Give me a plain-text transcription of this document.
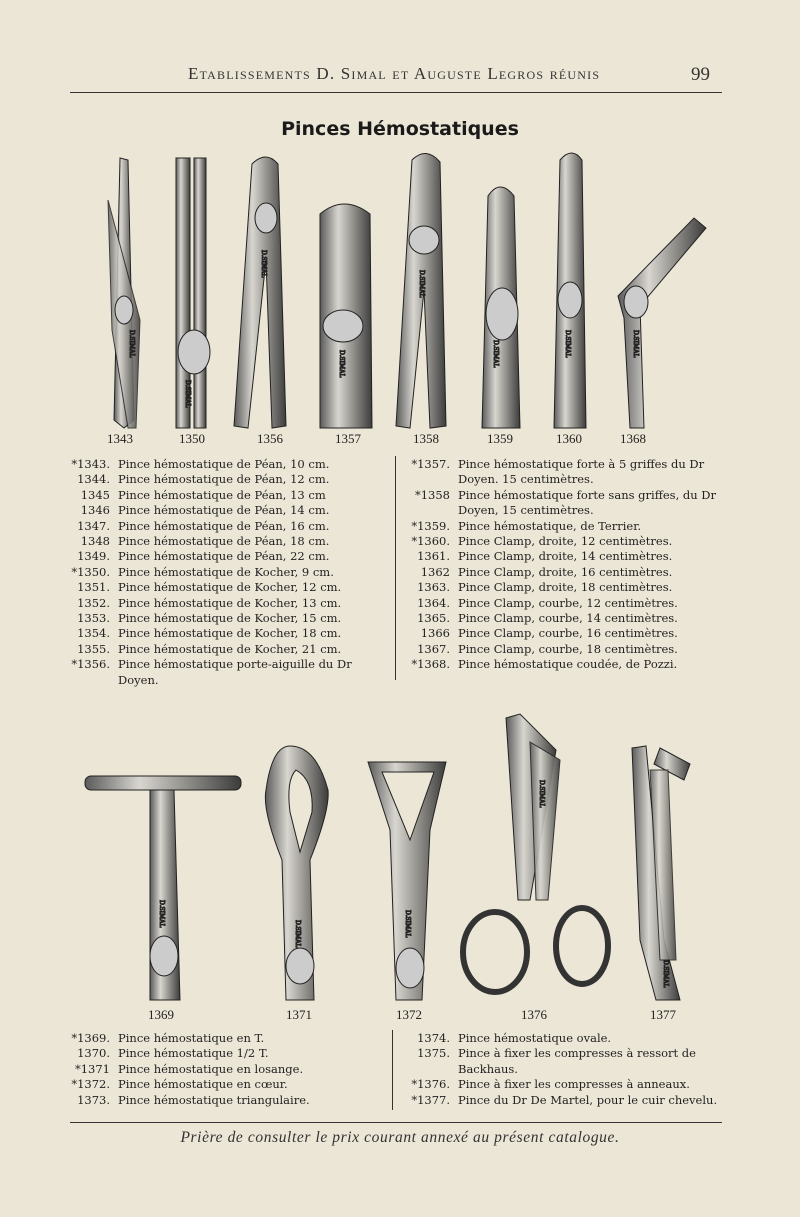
Etablissements D. Simal et Auguste Legros réunis	99
Pinces Hémostatiques
D.SIMAL
D.SIMAL
D.SIMAL
D.SIMAL
D.SIMAL
D.SIMAL	D.SIMAL	D.SIMAL
D.SIMAL
D.SIMAL	D.SIMAL
D.SIMAL
D.SIMAL
1343	1350	1356	1357	1358	1359	1360	1368
*1343. Pince hémostatique de Péan, 10 cm.
1344. Pince hémostatique de Péan, 12 cm.
1345 Pince hémostatique de Péan, 13 cm
1346 Pince hémostatique de Péan, 14 cm.
1347. Pince hémostatique de Péan, 16 cm.
1348 Pince hémostatique de Péan, 18 cm.
1349. Pince hémostatique de Péan, 22 cm.
*1350. Pince hémostatique de Kocher, 9 cm.
1351. Pince hémostatique de Kocher, 12 cm.
1352. Pince hémostatique de Kocher, 13 cm.
1353. Pince hémostatique de Kocher, 15 cm.
1354. Pince hémostatique de Kocher, 18 cm.
1355. Pince hémostatique de Kocher, 21 cm.
*1356. Pince hémostatique porte-aiguille du Dr Doyen.
*1357. Pince hémostatique forte à 5 griffes du Dr Doyen. 15 centimètres.
*1358 Pince hémostatique forte sans griffes, du Dr Doyen, 15 centimètres.
*1359. Pince hémostatique, de Terrier.
*1360. Pince Clamp, droite, 12 centimètres.
1361. Pince Clamp, droite, 14 centimètres.
1362 Pince Clamp, droite, 16 centimètres.
1363. Pince Clamp, droite, 18 centimètres.
1364. Pince Clamp, courbe, 12 centimètres.
1365. Pince Clamp, courbe, 14 centimètres.
1366 Pince Clamp, courbe, 16 centimètres.
1367. Pince Clamp, courbe, 18 centimètres.
*1368. Pince hémostatique coudée, de Pozzi.
1369	1371	1372	1376	1377
*1369. Pince hémostatique en T.
1370. Pince hémostatique 1/2 T.
*1371 Pince hémostatique en losange.
*1372. Pince hémostatique en cœur.
1373. Pince hémostatique triangulaire.
1374. Pince hémostatique ovale.
1375. Pince à fixer les compresses à ressort de Backhaus.
*1376. Pince à fixer les compresses à anneaux.
*1377. Pince du Dr De Martel, pour le cuir chevelu.
Prière de consulter le prix courant annexé au présent catalogue.
